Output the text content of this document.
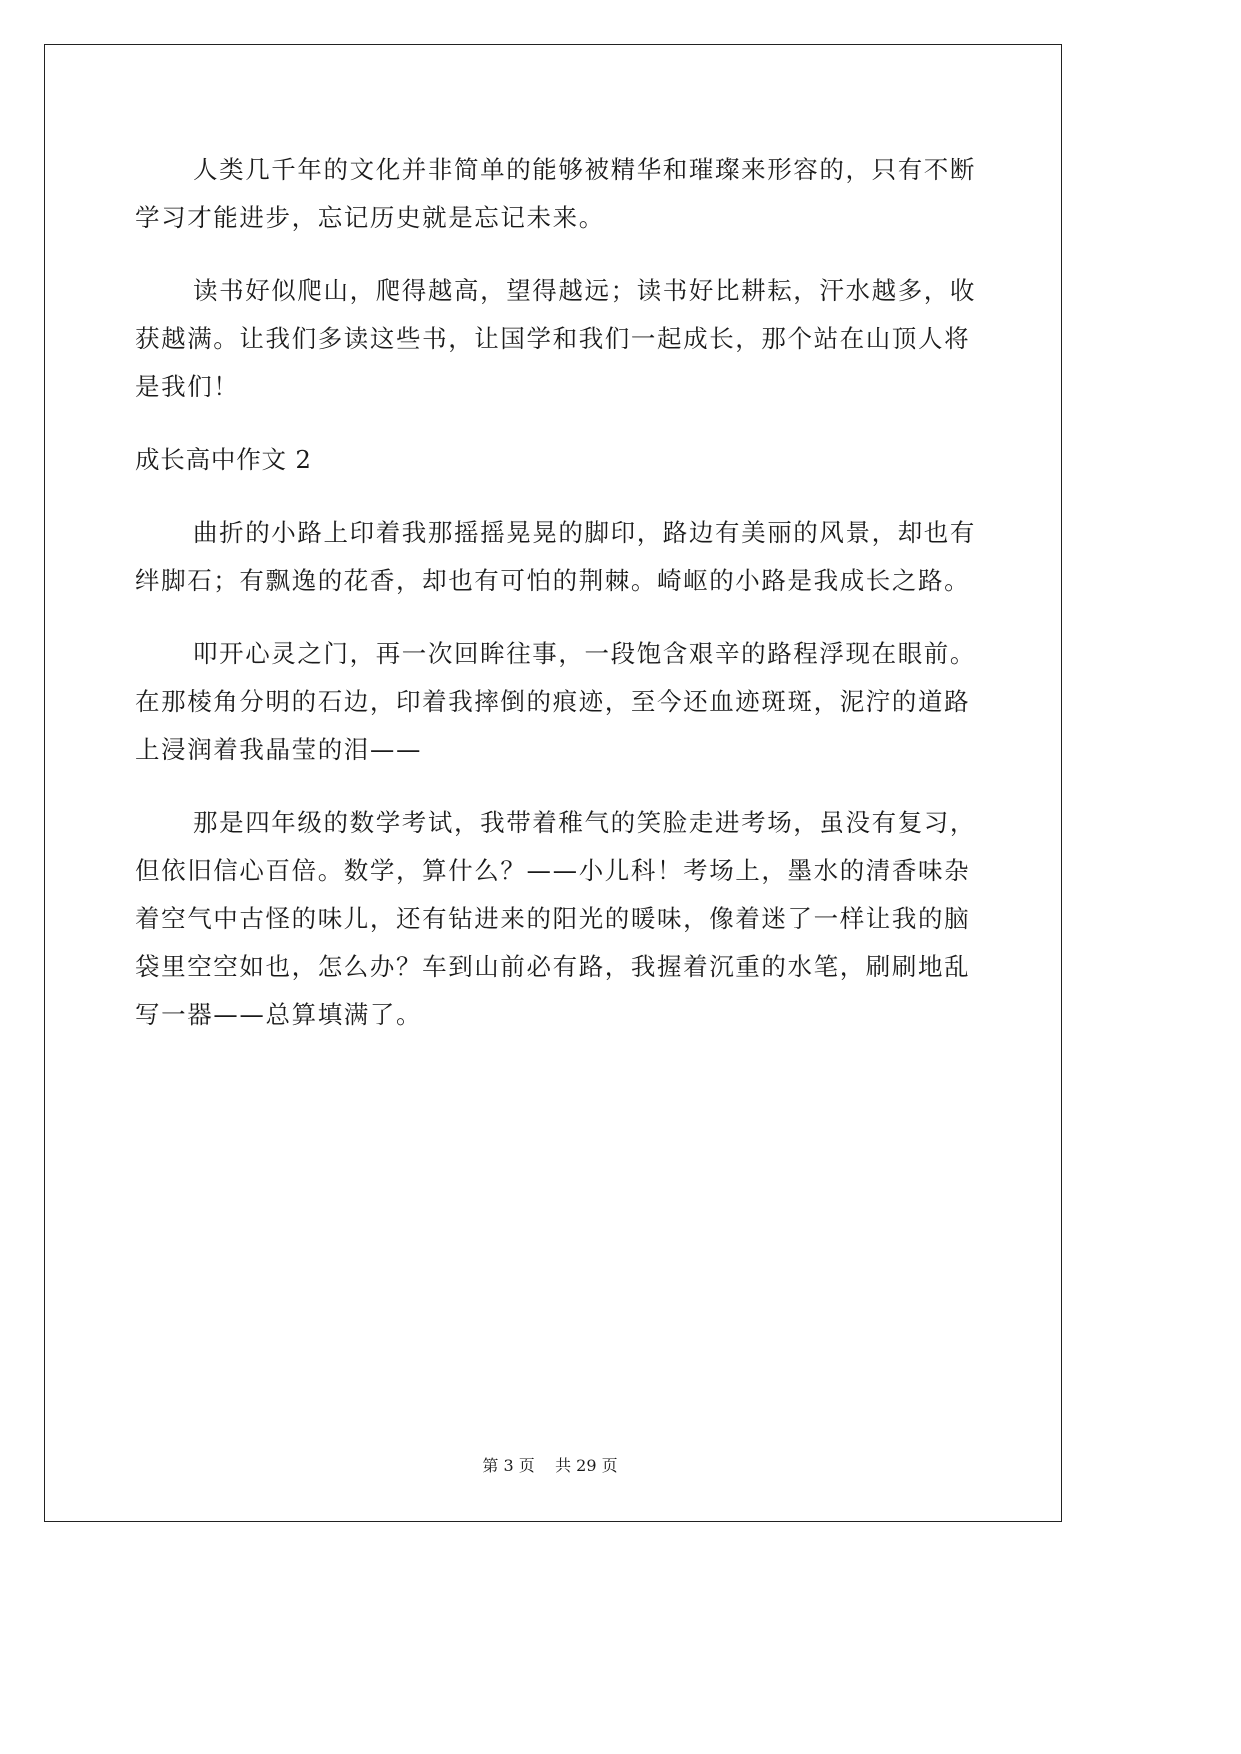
人类几千年的文化并非简单的能够被精华和璀璨来形容的，只有不断学习才能进步，忘记历史就是忘记未来。

读书好似爬山，爬得越高，望得越远；读书好比耕耘，汗水越多，收获越满。让我们多读这些书，让国学和我们一起成长，那个站在山顶人将是我们！

成长高中作文 2

曲折的小路上印着我那摇摇晃晃的脚印，路边有美丽的风景，却也有绊脚石；有飘逸的花香，却也有可怕的荆棘。崎岖的小路是我成长之路。

叩开心灵之门，再一次回眸往事，一段饱含艰辛的路程浮现在眼前。在那棱角分明的石边，印着我摔倒的痕迹，至今还血迹斑斑，泥泞的道路上浸润着我晶莹的泪——

那是四年级的数学考试，我带着稚气的笑脸走进考场，虽没有复习，但依旧信心百倍。数学，算什么？——小儿科！考场上，墨水的清香味杂着空气中古怪的味儿，还有钻进来的阳光的暖味，像着迷了一样让我的脑袋里空空如也，怎么办？车到山前必有路，我握着沉重的水笔，刷刷地乱写一器——总算填满了。

第 3 页    共 29 页
